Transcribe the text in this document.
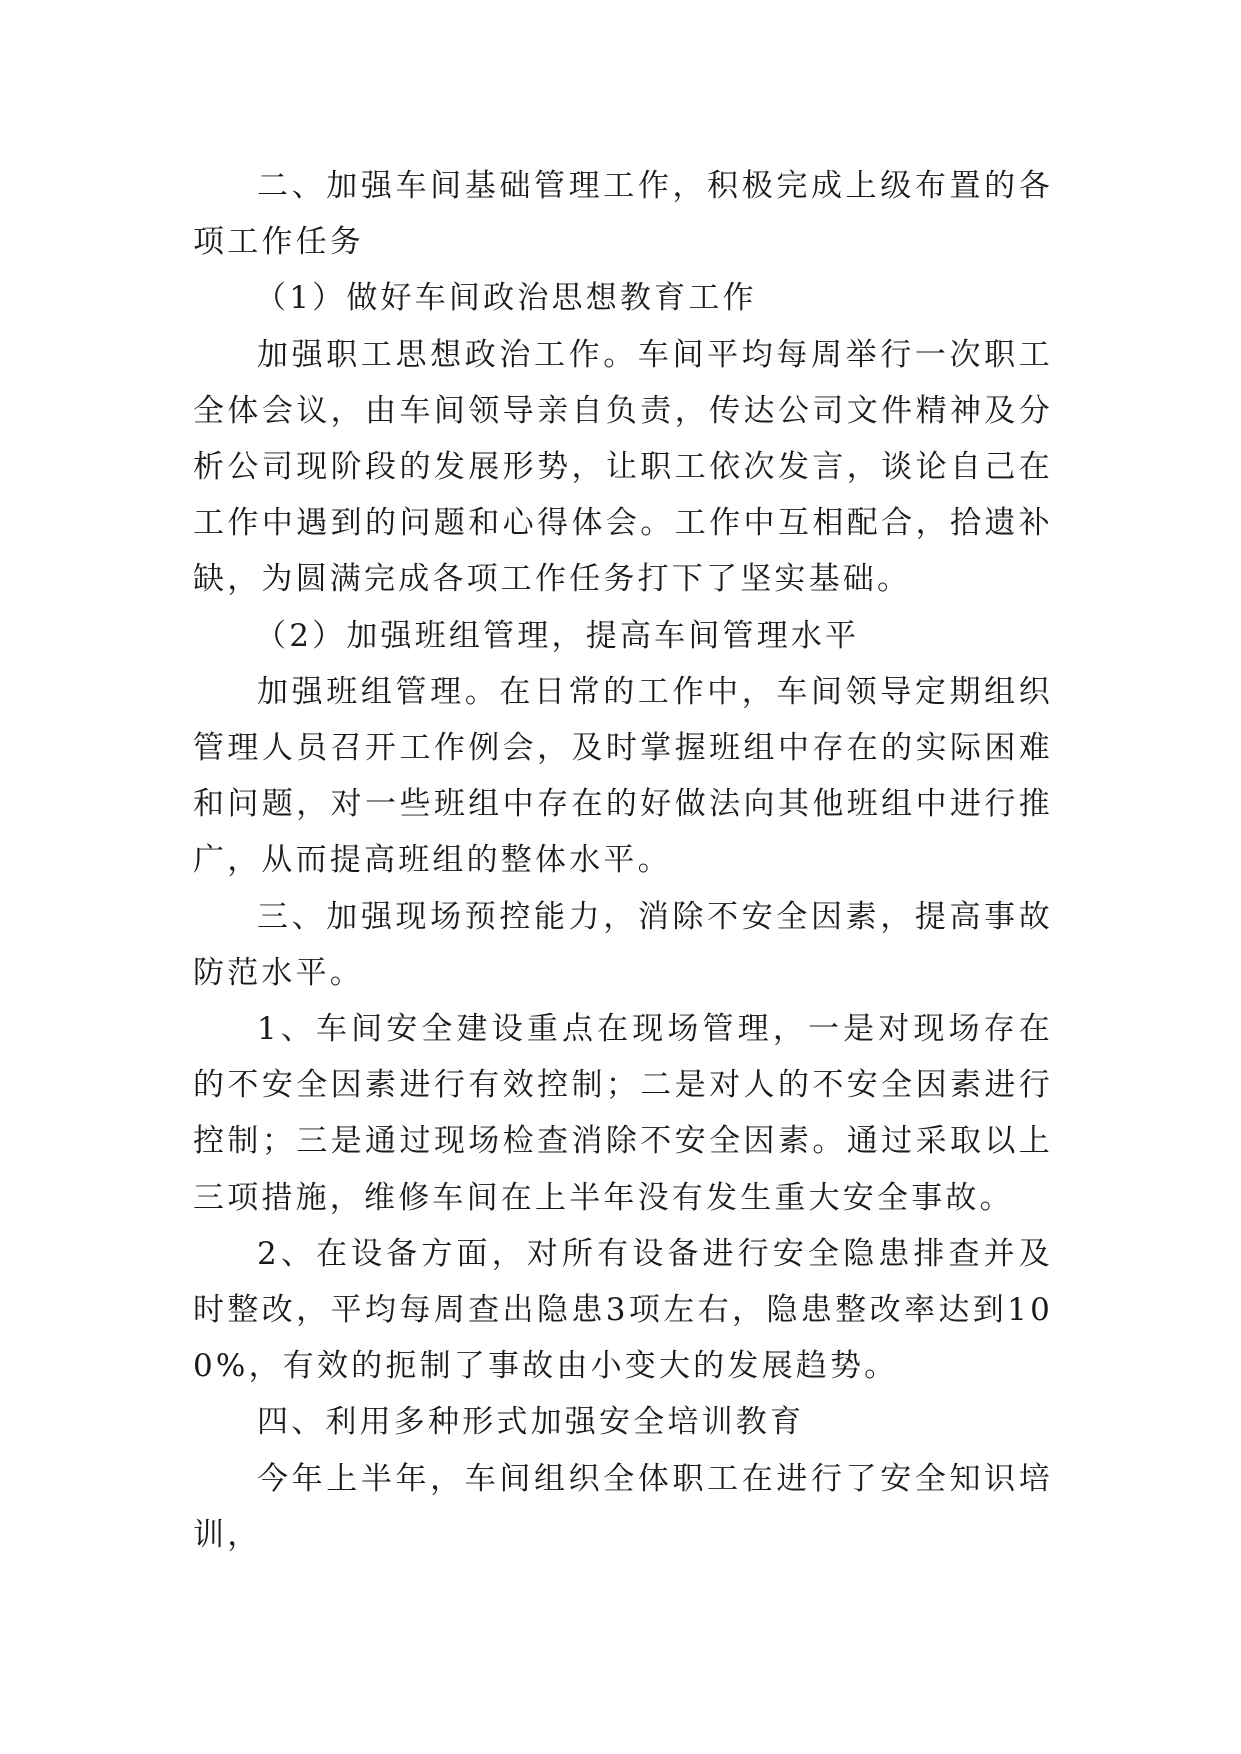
二、加强车间基础管理工作，积极完成上级布置的各项工作任务

（1）做好车间政治思想教育工作

加强职工思想政治工作。车间平均每周举行一次职工全体会议，由车间领导亲自负责，传达公司文件精神及分析公司现阶段的发展形势，让职工依次发言，谈论自己在工作中遇到的问题和心得体会。工作中互相配合，拾遗补缺，为圆满完成各项工作任务打下了坚实基础。

（2）加强班组管理，提高车间管理水平

加强班组管理。在日常的工作中，车间领导定期组织管理人员召开工作例会，及时掌握班组中存在的实际困难和问题，对一些班组中存在的好做法向其他班组中进行推广，从而提高班组的整体水平。

三、加强现场预控能力，消除不安全因素，提高事故防范水平。

1、车间安全建设重点在现场管理，一是对现场存在的不安全因素进行有效控制；二是对人的不安全因素进行控制；三是通过现场检查消除不安全因素。通过采取以上三项措施，维修车间在上半年没有发生重大安全事故。

2、在设备方面，对所有设备进行安全隐患排查并及时整改，平均每周查出隐患3项左右，隐患整改率达到100%，有效的扼制了事故由小变大的发展趋势。

四、利用多种形式加强安全培训教育

今年上半年，车间组织全体职工在进行了安全知识培训，
